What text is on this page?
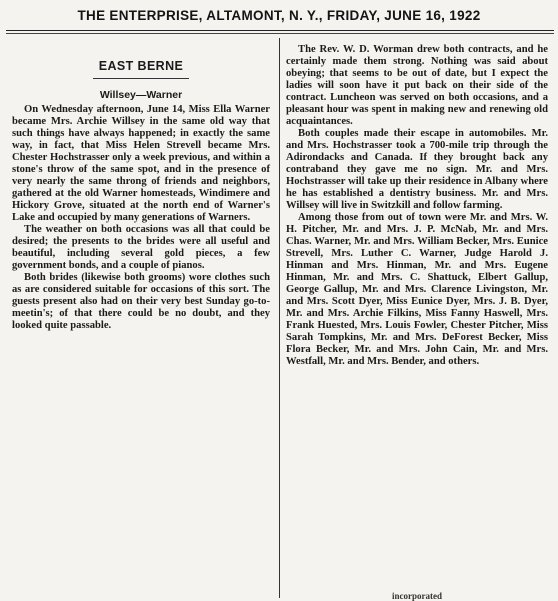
THE ENTERPRISE, ALTAMONT, N. Y., FRIDAY, JUNE 16, 1922
EAST BERNE
Willsey—Warner

On Wednesday afternoon, June 14, Miss Ella Warner became Mrs. Archie Willsey in the same old way that such things have always happened; in exactly the same way, in fact, that Miss Helen Strevell became Mrs. Chester Hochstrasser only a week previous, and within a stone's throw of the same spot, and in the presence of very nearly the same throng of friends and neighbors, gathered at the old Warner homesteads, Windimere and Hickory Grove, situated at the north end of Warner's Lake and occupied by many generations of Warners.

The weather on both occasions was all that could be desired; the presents to the brides were all useful and beautiful, including several gold pieces, a few government bonds, and a couple of pianos.

Both brides (likewise both grooms) wore clothes such as are considered suitable for occasions of this sort. The guests present also had on their very best Sunday go-to-meetin's; of that there could be no doubt, and they looked quite passable.

The Rev. W. D. Worman drew both contracts, and he certainly made them strong. Nothing was said about obeying; that seems to be out of date, but I expect the ladies will soon have it put back on their side of the contract. Luncheon was served on both occasions, and a pleasant hour was spent in making new and renewing old acquaintances.

Both couples made their escape in automobiles. Mr. and Mrs. Hochstrasser took a 700-mile trip through the Adirondacks and Canada. If they brought back any contraband they gave me no sign. Mr. and Mrs. Hochstrasser will take up their residence in Albany where he has established a dentistry business. Mr. and Mrs. Willsey will live in Switzkill and follow farming.

Among those from out of town were Mr. and Mrs. W. H. Pitcher, Mr. and Mrs. J. P. McNab, Mr. and Mrs. Chas. Warner, Mr. and Mrs. William Becker, Mrs. Eunice Strevell, Mrs. Luther C. Warner, Judge Harold J. Hinman and Mrs. Hinman, Mr. and Mrs. Eugene Hinman, Mr. and Mrs. C. Shattuck, Elbert Gallup, George Gallup, Mr. and Mrs. Clarence Livingston, Mr. and Mrs. Scott Dyer, Miss Eunice Dyer, Mrs. J. B. Dyer, Mr. and Mrs. Archie Filkins, Miss Fanny Haswell, Mrs. Frank Huested, Mrs. Louis Fowler, Chester Pitcher, Miss Sarah Tompkins, Mr. and Mrs. DeForest Becker, Miss Flora Becker, Mr. and Mrs. John Cain, Mr. and Mrs. Westfall, Mr. and Mrs. Bender, and others.

incorporated
